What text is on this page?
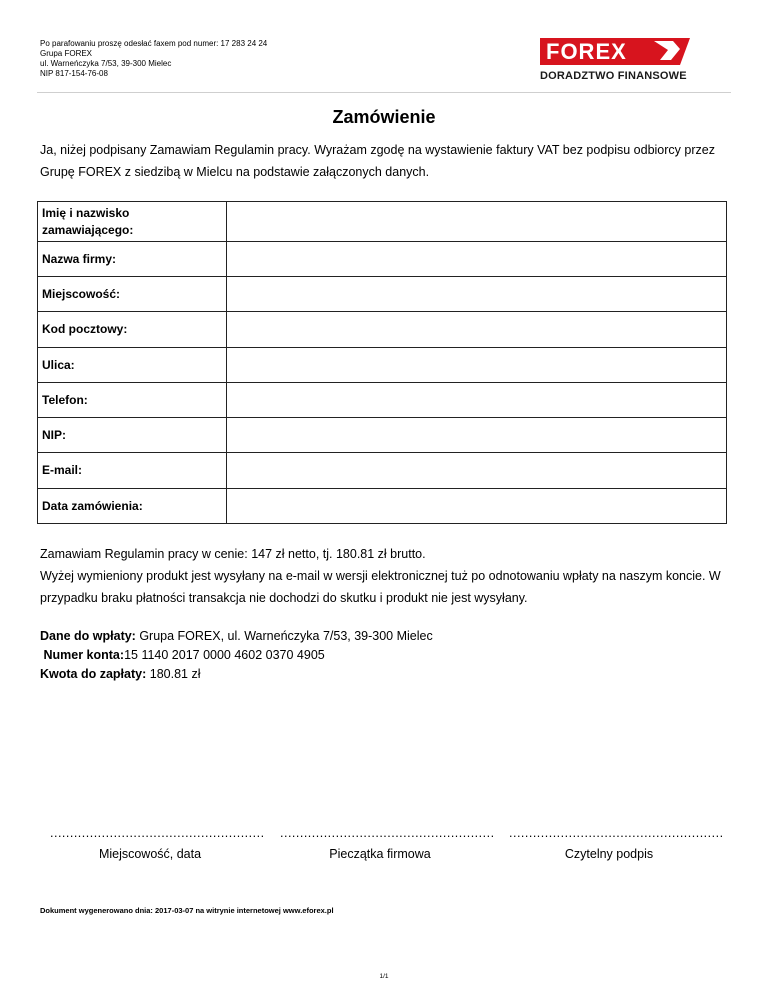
Po parafowaniu proszę odesłać faxem pod numer: 17 283 24 24
Grupa FOREX
ul. Warneńczyka 7/53, 39-300 Mielec
NIP 817-154-76-08
FOREX
DORADZTWO FINANSOWE
Zamówienie
Ja, niżej podpisany Zamawiam Regulamin pracy. Wyrażam zgodę na wystawienie faktury VAT bez podpisu odbiorcy przez Grupę FOREX z siedzibą w Mielcu na podstawie załączonych danych.
Imię i nazwisko zamawiającego:	
Nazwa firmy:	
Miejscowość:	
Kod pocztowy:	
Ulica:	
Telefon:	
NIP:	
E-mail:	
Data zamówienia:	
Zamawiam Regulamin pracy w cenie: 147 zł netto, tj. 180.81 zł brutto.
Wyżej wymieniony produkt jest wysyłany na e-mail w wersji elektronicznej tuż po odnotowaniu wpłaty na naszym koncie. W przypadku braku płatności transakcja nie dochodzi do skutku i produkt nie jest wysyłany.
Dane do wpłaty: Grupa FOREX, ul. Warneńczyka 7/53, 39-300 Mielec
Numer konta:15 1140 2017 0000 4602 0370 4905
Kwota do zapłaty: 180.81 zł
......................................................
Miejscowość, data
......................................................
Pieczątka firmowa
......................................................
Czytelny podpis
Dokument wygenerowano dnia: 2017-03-07 na witrynie internetowej www.eforex.pl
1/1
